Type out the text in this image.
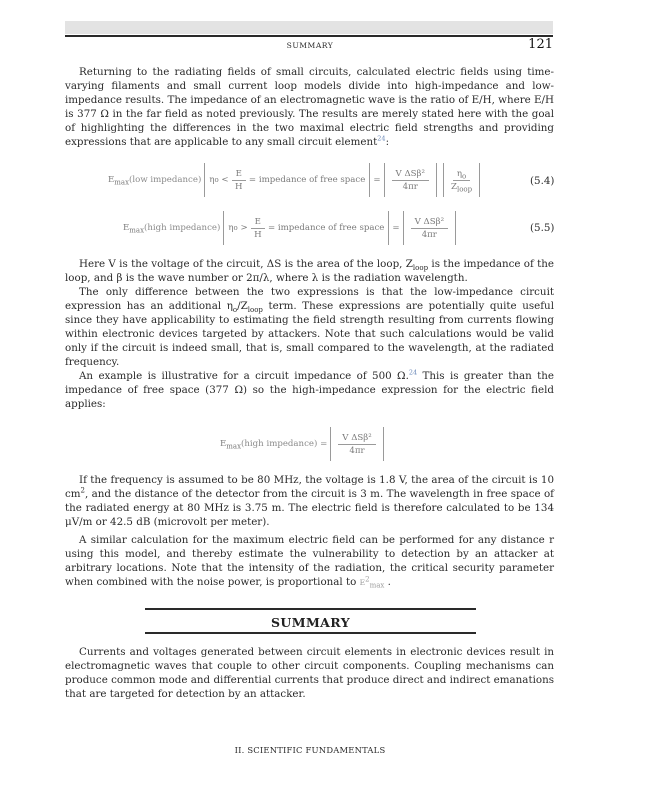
SUMMARY	121
Returning to the radiating fields of small circuits, calculated electric fields using time-varying filaments and small current loop models divide into high-impedance and low-impedance results. The impedance of an electromagnetic wave is the ratio of E/H, where E/H is 377 Ω in the far field as noted previously. The results are merely stated here with the goal of highlighting the differences in the two maximal electric field strengths and providing expressions that are applicable to any small circuit element$^{24}$:
$E_{max}$ (low impedance) η o
< $\frac{E}{H}$ = impedance of free space = $\frac{\text{V ΔSβ²}}{4\pi r}$	$\frac{\eta_o}{Z_{loop}}$	(5.4)
$E_{max}$ (high impedance) η o
> $\frac{E}{H}$ = impedance of free space = $\frac{\text{V ΔSβ²}}{4\pi r}$	(5.5)
Here V is the voltage of the circuit, ΔS is the area of the loop, $Z_{loop}$ is the impedance of the loop, and β is the wave number or 2π/λ, where λ is the radiation wavelength.
The only difference between the two expressions is that the low-impedance circuit expression has an additional $\eta_o/Z_{loop}$ term. These expressions are potentially quite useful since they have applicability to estimating the field strength resulting from currents flowing within electronic devices targeted by attackers. Note that such calculations would be valid only if the circuit is indeed small, that is, small compared to the wavelength, at the radiated frequency.
An example is illustrative for a circuit impedance of 500 Ω.$^{24}$ This is greater than the impedance of free space (377 Ω) so the high-impedance expression for the electric field applies:
$E_{max}$ (high impedance) = $\frac{\text{V ΔSβ²}}{4\pi r}$
If the frequency is assumed to be 80 MHz, the voltage is 1.8 V, the area of the circuit is 10 $cm^2$, and the distance of the detector from the circuit is 3 m. The wavelength in free space of the radiated energy at 80 MHz is 3.75 m. The electric field is therefore calculated to be 134 μV/m or 42.5 dB (microvolt per meter).
A similar calculation for the maximum electric field can be performed for any distance r using this model, and thereby estimate the vulnerability to detection by an attacker at arbitrary locations. Note that the intensity of the radiation, the critical security parameter when combined with the noise power, is proportional to $E^2_{max}$ .
SUMMARY
Currents and voltages generated between circuit elements in electronic devices result in electromagnetic waves that couple to other circuit components. Coupling mechanisms can produce common mode and differential currents that produce direct and indirect emanations that are targeted for detection by an attacker.
II. SCIENTIFIC FUNDAMENTALS
